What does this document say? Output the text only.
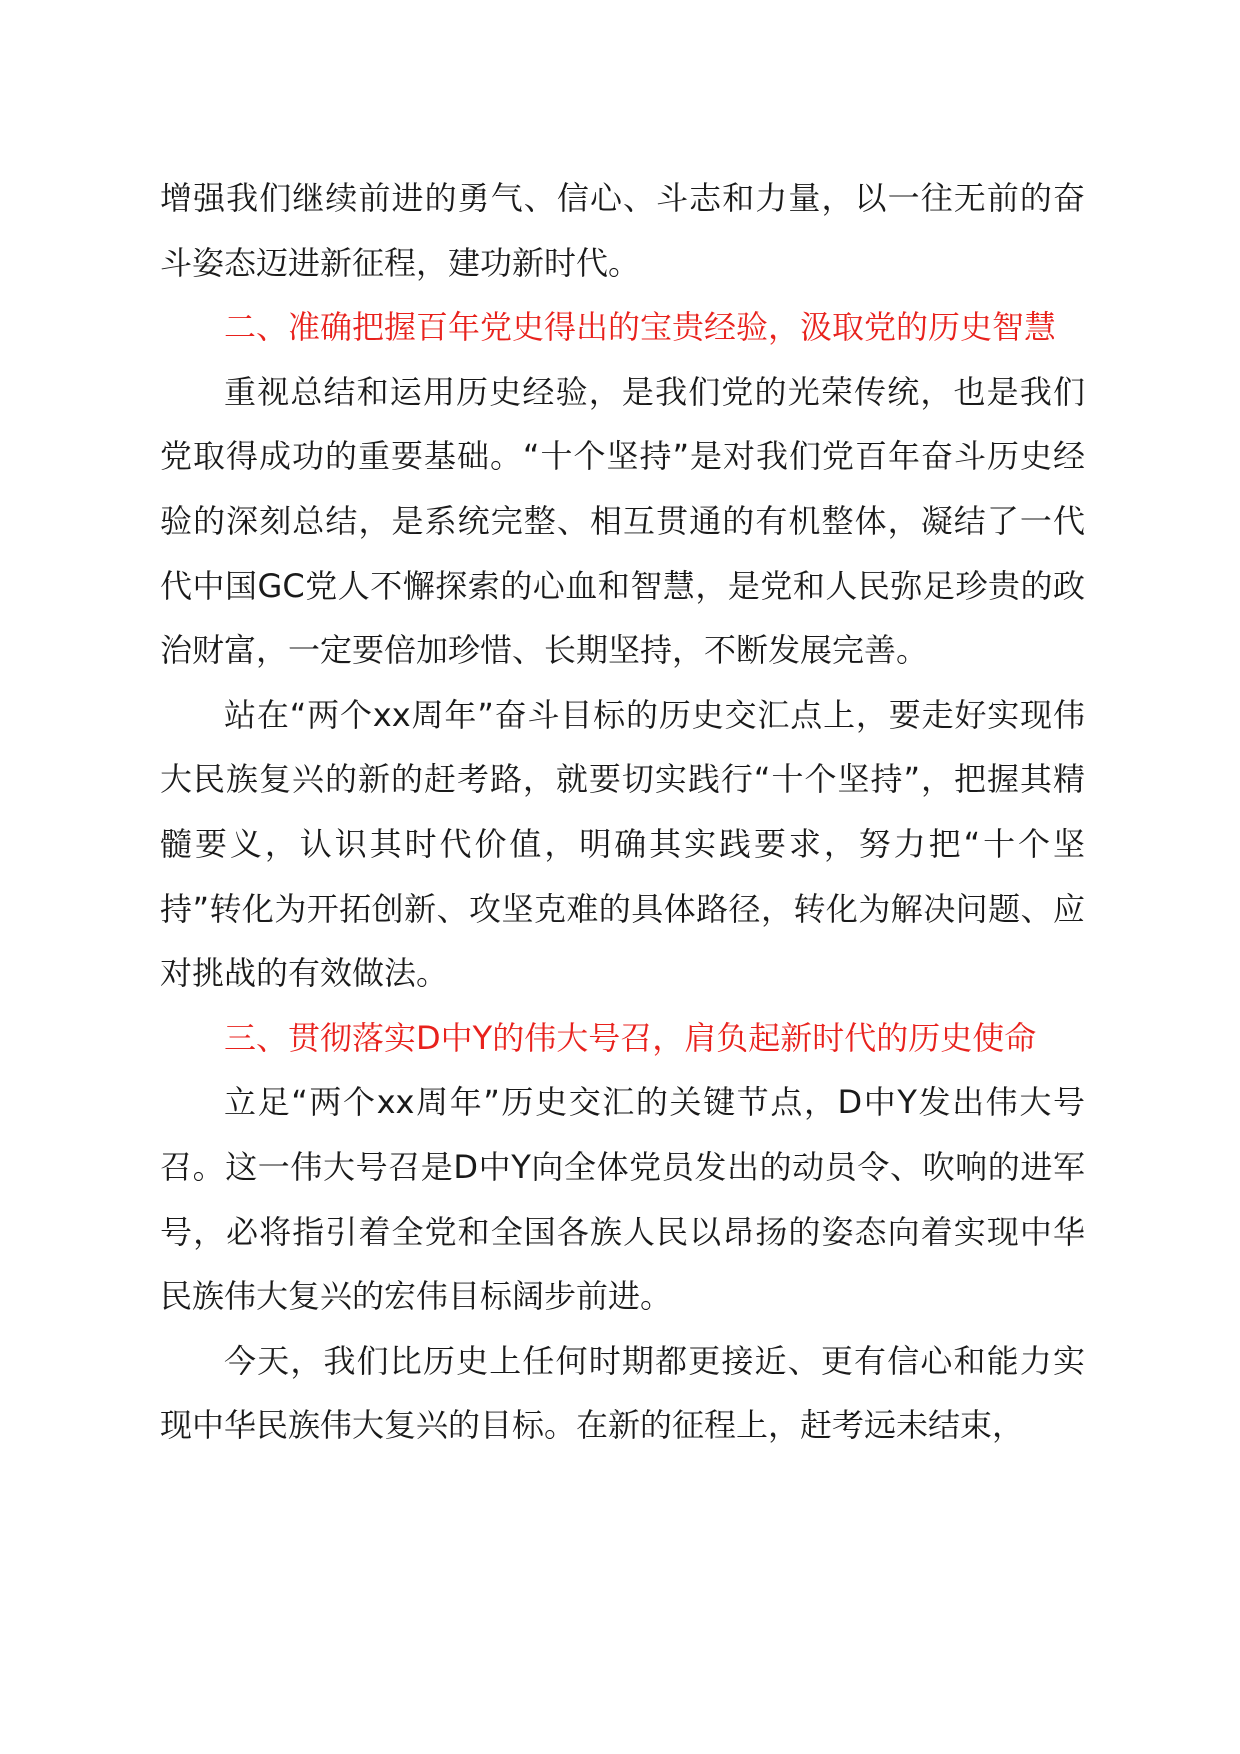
增强我们继续前进的勇气、信心、斗志和力量，以一往无前的奋斗姿态迈进新征程，建功新时代。

二、准确把握百年党史得出的宝贵经验，汲取党的历史智慧

重视总结和运用历史经验，是我们党的光荣传统，也是我们党取得成功的重要基础。“十个坚持”是对我们党百年奋斗历史经验的深刻总结，是系统完整、相互贯通的有机整体，凝结了一代代中国GC党人不懈探索的心血和智慧，是党和人民弥足珍贵的政治财富，一定要倍加珍惜、长期坚持，不断发展完善。

站在“两个xx周年”奋斗目标的历史交汇点上，要走好实现伟大民族复兴的新的赶考路，就要切实践行“十个坚持”，把握其精髓要义，认识其时代价值，明确其实践要求，努力把“十个坚持”转化为开拓创新、攻坚克难的具体路径，转化为解决问题、应对挑战的有效做法。

三、贯彻落实D中Y的伟大号召，肩负起新时代的历史使命

立足“两个xx周年”历史交汇的关键节点，D中Y发出伟大号召。这一伟大号召是D中Y向全体党员发出的动员令、吹响的进军号，必将指引着全党和全国各族人民以昂扬的姿态向着实现中华民族伟大复兴的宏伟目标阔步前进。

今天，我们比历史上任何时期都更接近、更有信心和能力实现中华民族伟大复兴的目标。在新的征程上，赶考远未结束，
